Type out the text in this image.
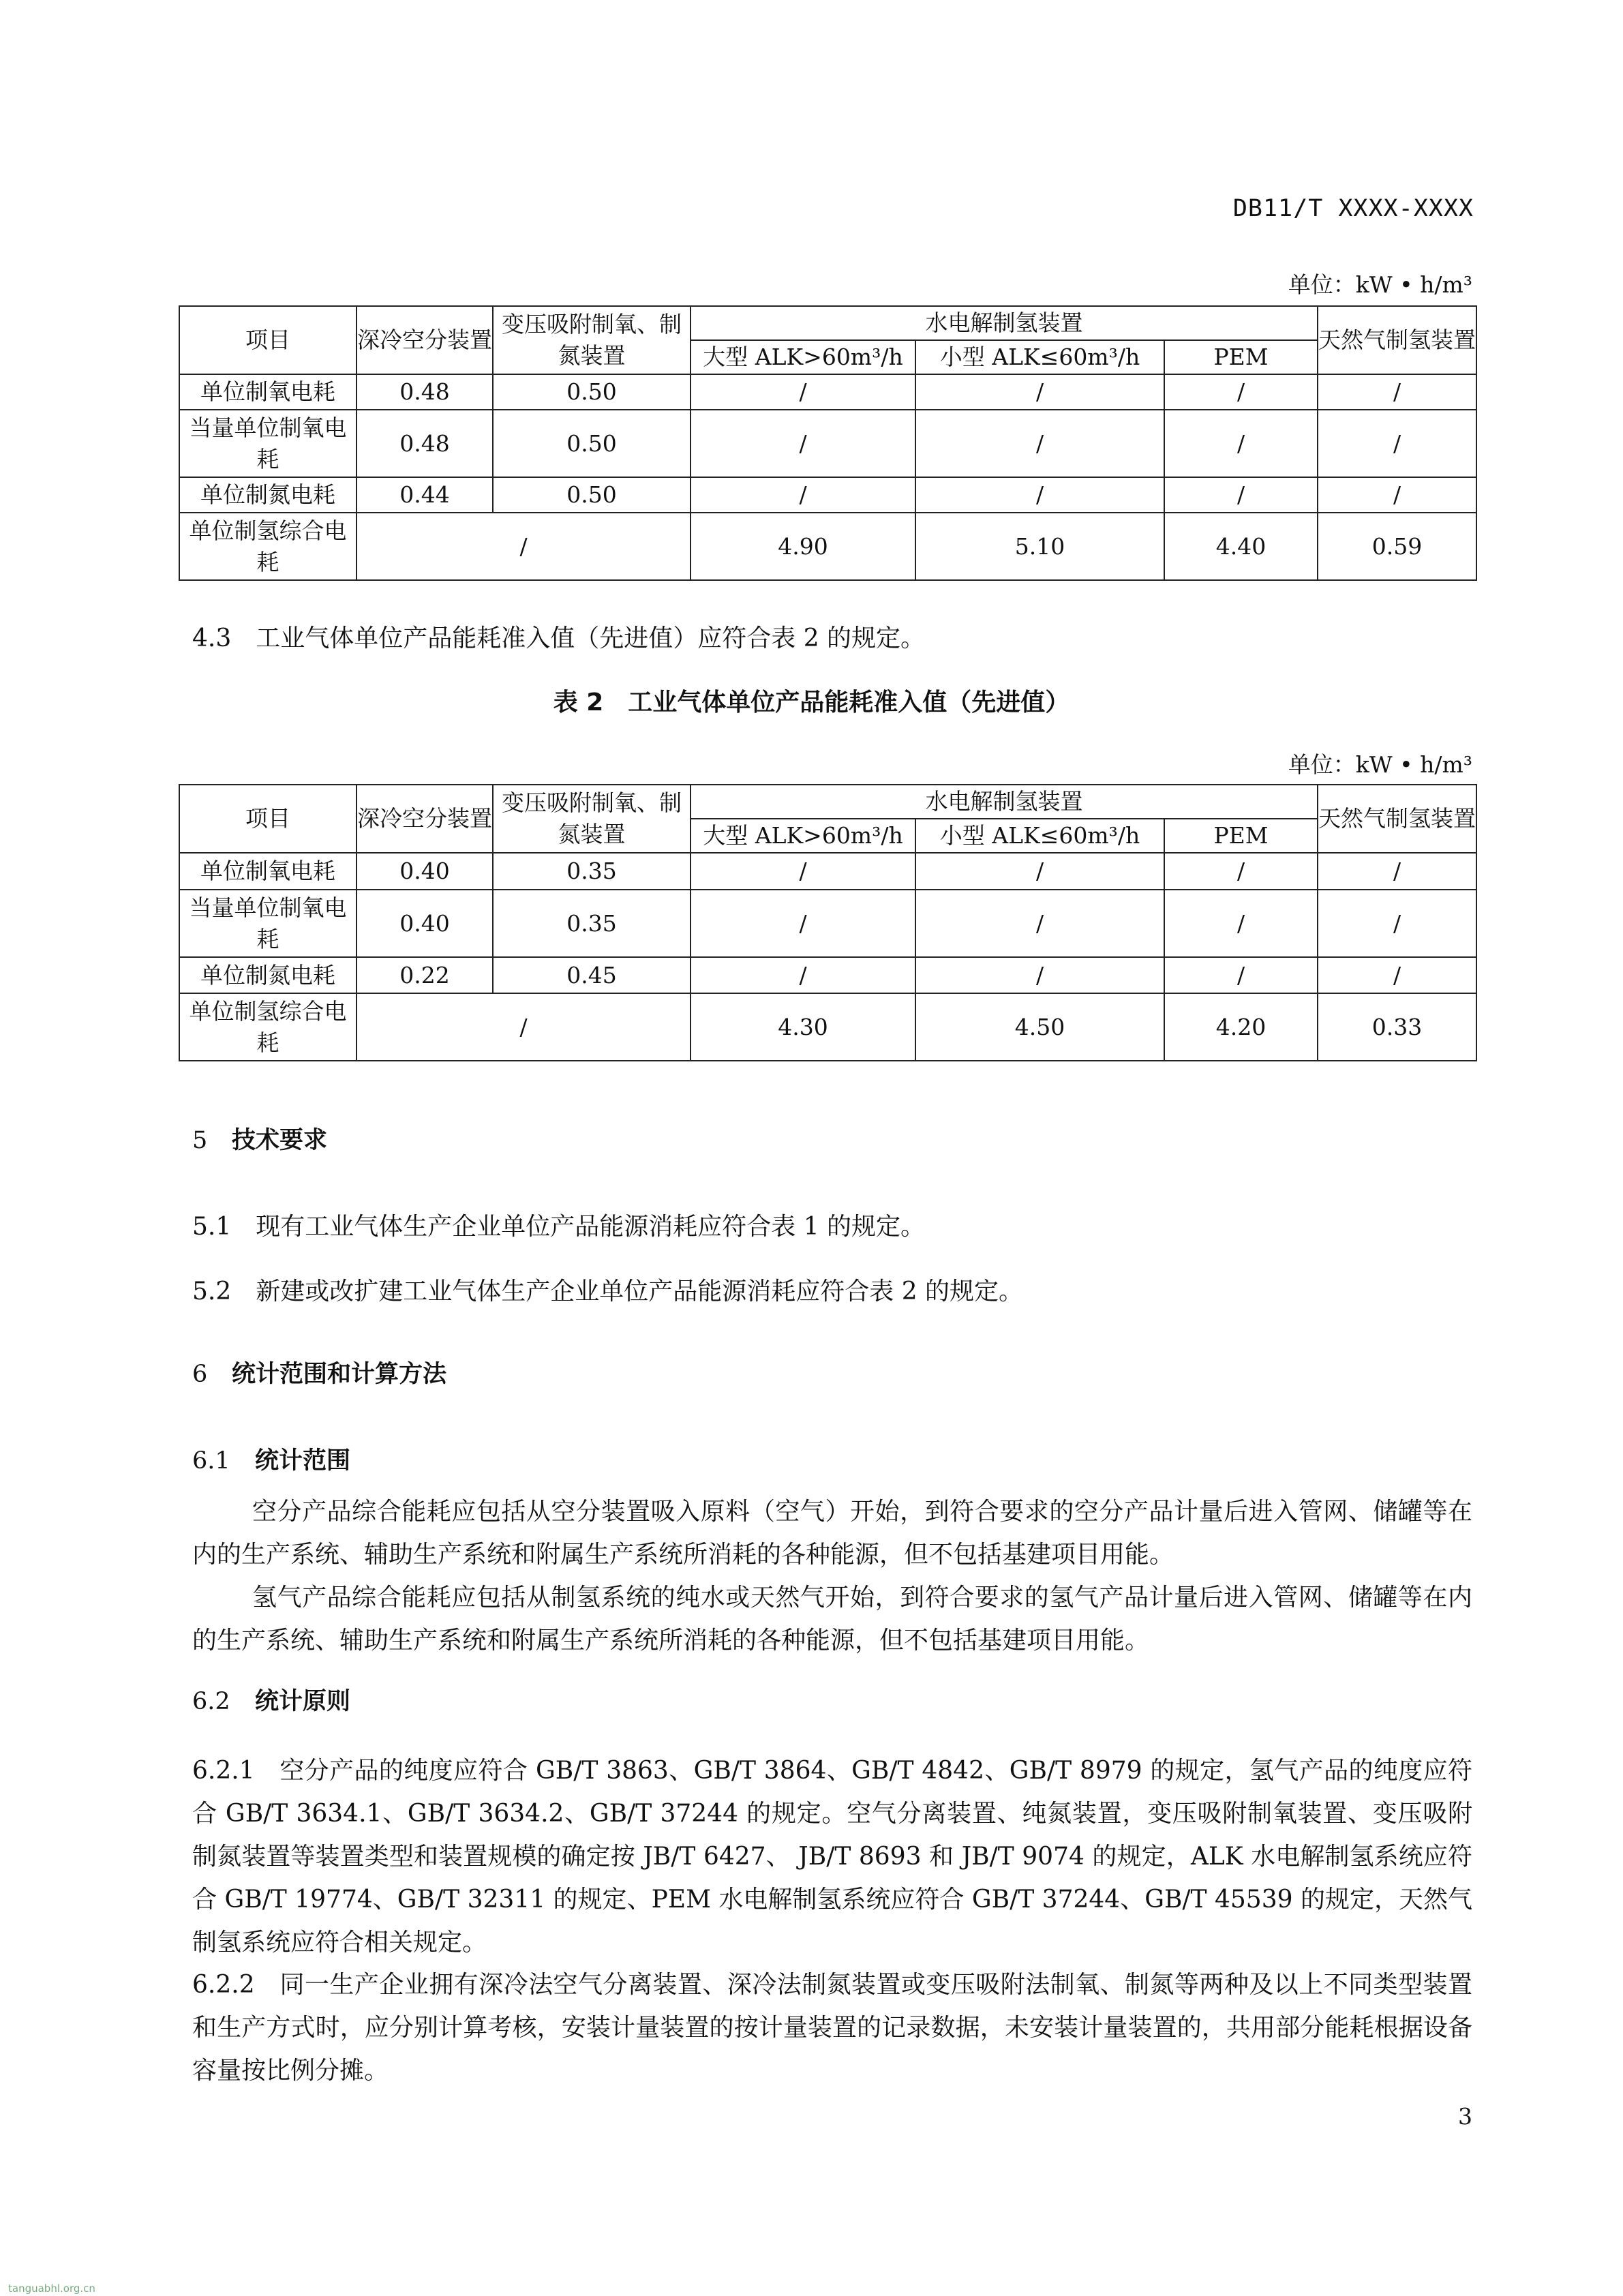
DB11/T XXXX-XXXX
单位：kW • h/m³
项目	深冷空分装置	变压吸附制氧、制氮装置	水电解制氢装置			天然气制氢装置
			大型 ALK>60m³/h	小型 ALK≤60m³/h	PEM	
单位制氧电耗	0.48	0.50	/	/	/	/
当量单位制氧电耗	0.48	0.50	/	/	/	/
单位制氮电耗	0.44	0.50	/	/	/	/
单位制氢综合电耗	/		4.90	5.10	4.40	0.59
4.3　工业气体单位产品能耗准入值（先进值）应符合表 2 的规定。
表 2　工业气体单位产品能耗准入值（先进值）
单位：kW • h/m³
项目	深冷空分装置	变压吸附制氧、制氮装置	水电解制氢装置			天然气制氢装置
			大型 ALK>60m³/h	小型 ALK≤60m³/h	PEM	
单位制氧电耗	0.40	0.35	/	/	/	/
当量单位制氧电耗	0.40	0.35	/	/	/	/
单位制氮电耗	0.22	0.45	/	/	/	/
单位制氢综合电耗	/		4.30	4.50	4.20	0.33
5 技术要求
5.1　现有工业气体生产企业单位产品能源消耗应符合表 1 的规定。
5.2　新建或改扩建工业气体生产企业单位产品能源消耗应符合表 2 的规定。
6 统计范围和计算方法
6.1 统计范围
空分产品综合能耗应包括从空分装置吸入原料（空气）开始，到符合要求的空分产品计量后进入管网、储罐等在内的生产系统、辅助生产系统和附属生产系统所消耗的各种能源，但不包括基建项目用能。
氢气产品综合能耗应包括从制氢系统的纯水或天然气开始，到符合要求的氢气产品计量后进入管网、储罐等在内的生产系统、辅助生产系统和附属生产系统所消耗的各种能源，但不包括基建项目用能。
6.2 统计原则
6.2.1　空分产品的纯度应符合 GB/T 3863、GB/T 3864、GB/T 4842、GB/T 8979 的规定，氢气产品的纯度应符合 GB/T 3634.1、GB/T 3634.2、GB/T 37244 的规定。空气分离装置、纯氮装置，变压吸附制氧装置、变压吸附制氮装置等装置类型和装置规模的确定按 JB/T 6427、 JB/T 8693 和 JB/T 9074 的规定，ALK 水电解制氢系统应符合 GB/T 19774、GB/T 32311 的规定、PEM 水电解制氢系统应符合 GB/T 37244、GB/T 45539 的规定，天然气制氢系统应符合相关规定。
6.2.2　同一生产企业拥有深冷法空气分离装置、深冷法制氮装置或变压吸附法制氧、制氮等两种及以上不同类型装置和生产方式时，应分别计算考核，安装计量装置的按计量装置的记录数据，未安装计量装置的，共用部分能耗根据设备容量按比例分摊。
3
tanguabhl.org.cn
